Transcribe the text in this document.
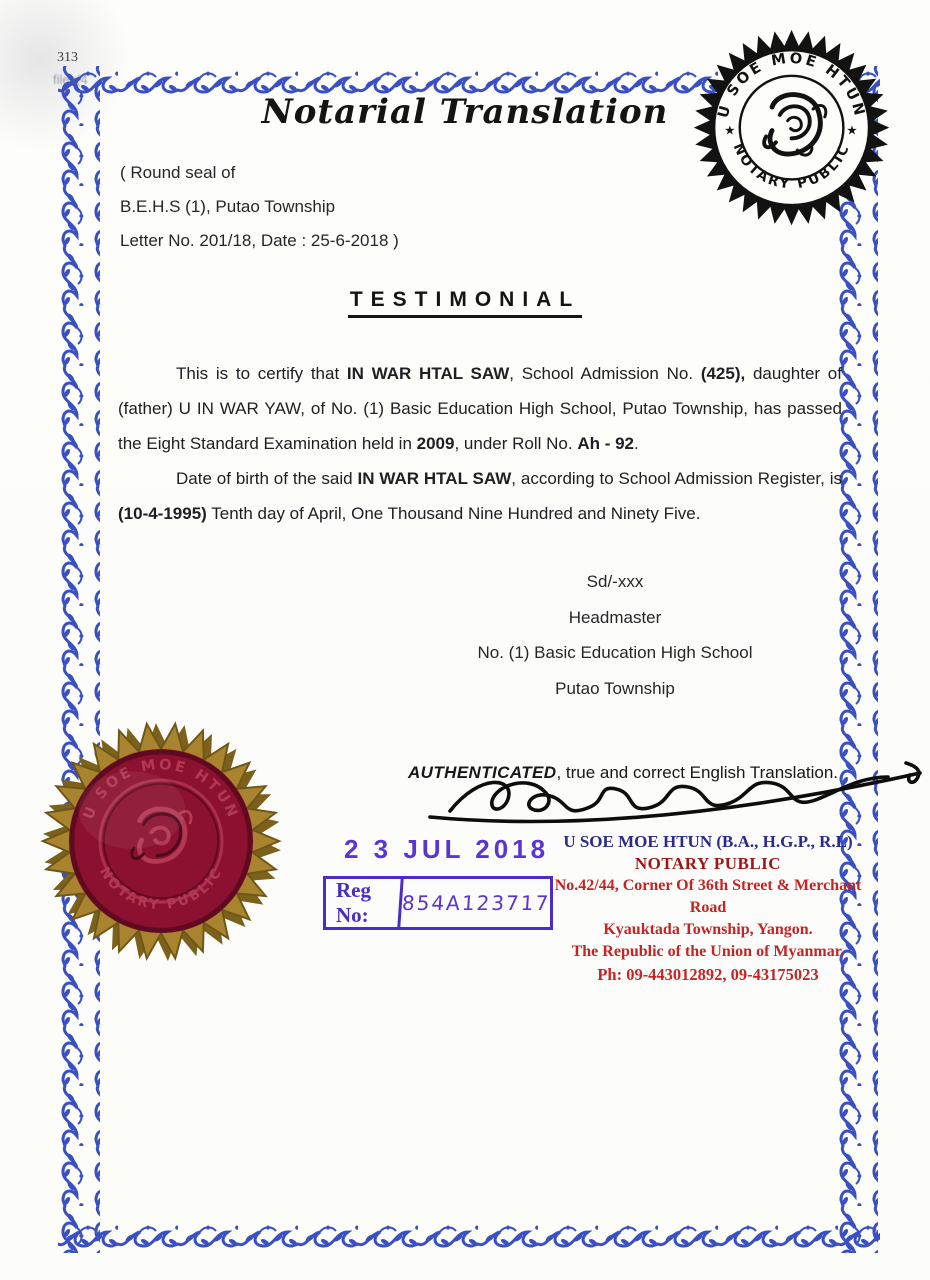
313
files(4
Notarial Translation
( Round seal of
B.E.H.S (1), Putao Township
Letter No. 201/18, Date : 25-6-2018 )
TESTIMONIAL

This is to certify that IN WAR HTAL SAW, School Admission No. (425), daughter of (father) U IN WAR YAW, of No. (1) Basic Education High School, Putao Township, has passed the Eight Standard Examination held in 2009, under Roll No. Ah - 92.

Date of birth of the said IN WAR HTAL SAW, according to School Admission Register, is (10-4-1995) Tenth day of April, One Thousand Nine Hundred and Ninety Five.

Sd/-xxx
Headmaster
No. (1) Basic Education High School
Putao Township
AUTHENTICATED, true and correct English Translation.
2 3 JUL 2018
Reg No:	854A123717
U SOE MOE HTUN (B.A., H.G.P., R.L)
NOTARY PUBLIC
No.42/44, Corner Of 36th Street & Merchant Road
Kyauktada Township, Yangon.
The Republic of the Union of Myanmar.
Ph: 09-443012892, 09-43175023
U SOE MOE HTUN
NOTARY PUBLIC
★	★
U SOE MOE HTUN
NOTARY PUBLIC
